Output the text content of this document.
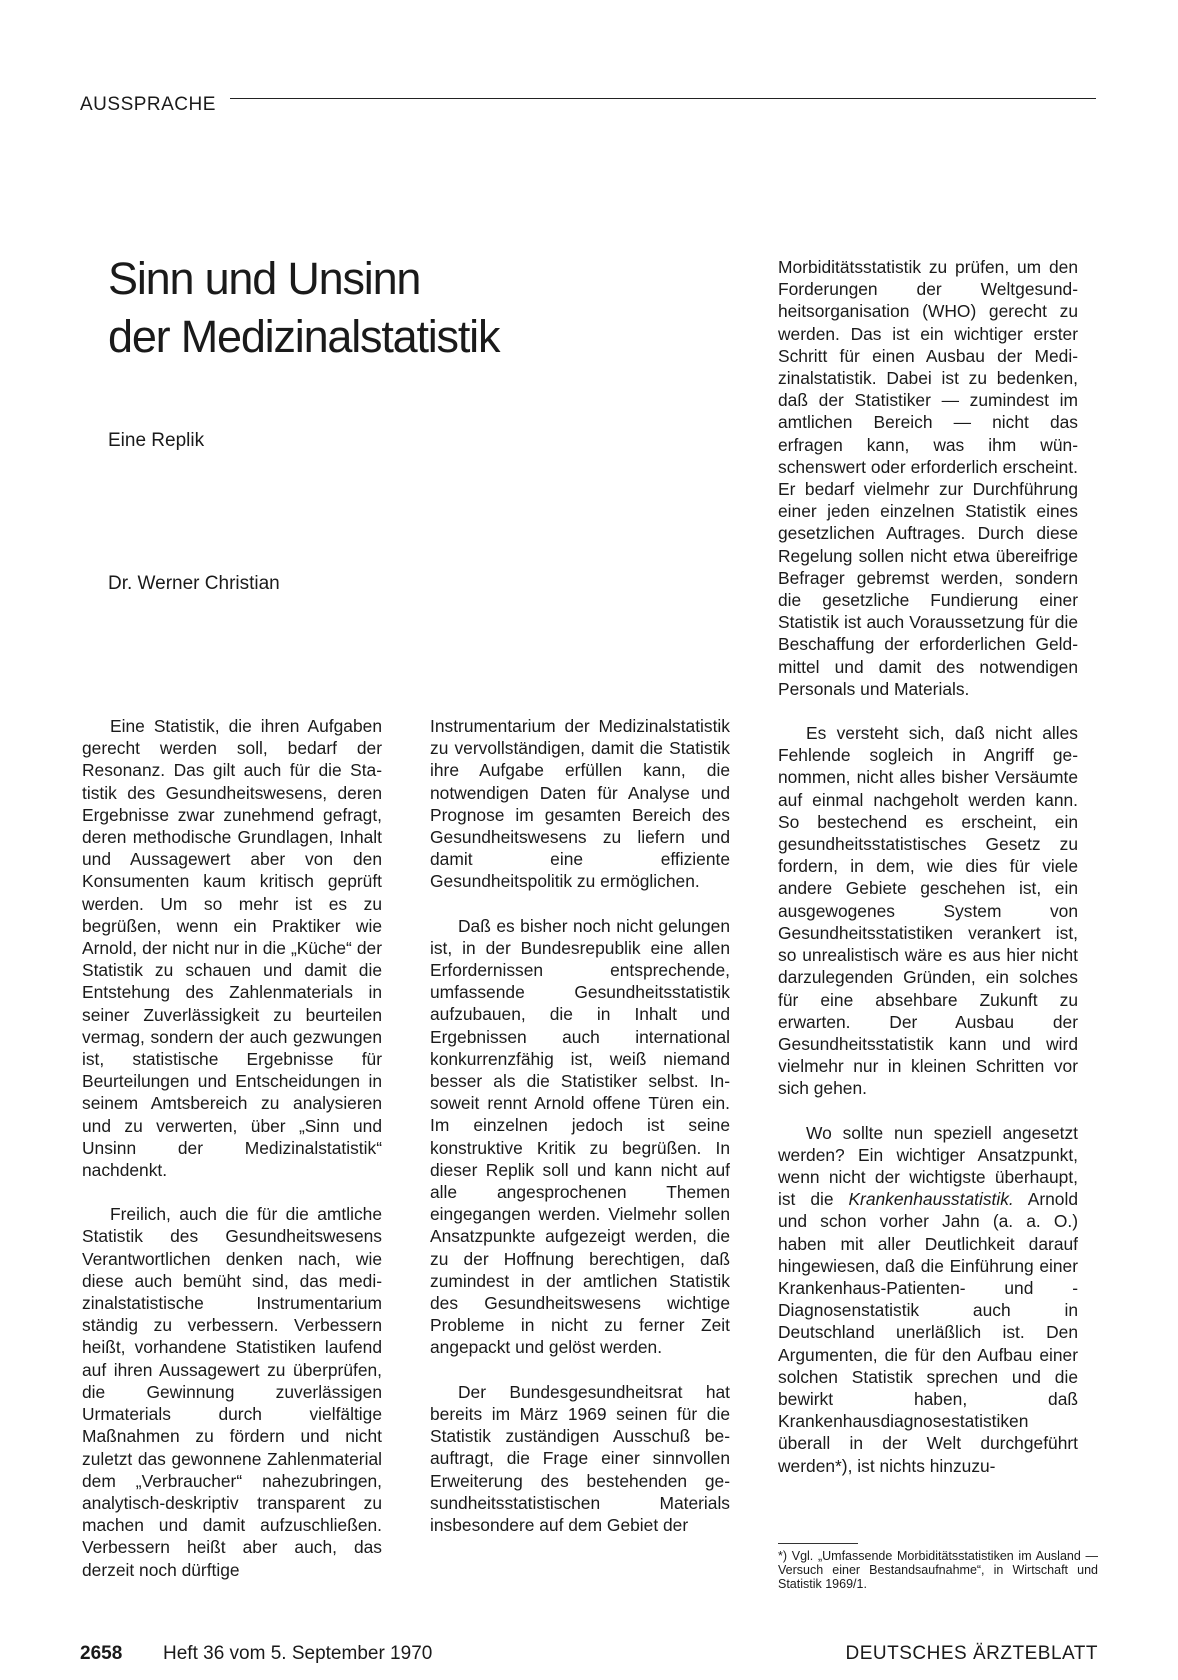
AUSSPRACHE
Sinn und Unsinn
der Medizinalstatistik
Eine Replik
Dr. Werner Christian

Eine Statistik, die ihren Aufgaben gerecht werden soll, bedarf der Resonanz. Das gilt auch für die Statistik des Gesundheitswesens, deren Ergebnisse zwar zunehmend gefragt, deren methodische Grundlagen, Inhalt und Aussagewert aber von den Konsumenten kaum kritisch geprüft werden. Um so mehr ist es zu begrüßen, wenn ein Praktiker wie Arnold, der nicht nur in die „Küche“ der Statistik zu schauen und damit die Entstehung des Zahlenmaterials in seiner Zuverlässigkeit zu beurteilen vermag, sondern der auch gezwungen ist, statistische Ergebnisse für Beurteilungen und Entscheidungen in seinem Amtsbereich zu analysieren und zu verwerten, über „Sinn und Unsinn der Medizinalstatistik“ nachdenkt.

Freilich, auch die für die amtliche Statistik des Gesundheitswesens Verantwortlichen denken nach, wie diese auch bemüht sind, das medizinalstatistische Instrumentarium ständig zu verbessern. Verbessern heißt, vorhandene Statistiken laufend auf ihren Aussagewert zu überprüfen, die Gewinnung zuverlässigen Urmaterials durch vielfältige Maßnahmen zu fördern und nicht zuletzt das gewonnene Zahlenmaterial dem „Verbraucher“ nahezubringen, analytisch-deskriptiv transparent zu machen und damit aufzuschließen. Verbessern heißt aber auch, das derzeit noch dürftige

Instrumentarium der Medizinalstatistik zu vervollständigen, damit die Statistik ihre Aufgabe erfüllen kann, die notwendigen Daten für Analyse und Prognose im gesamten Bereich des Gesundheitswesens zu liefern und damit eine effiziente Gesundheitspolitik zu ermöglichen.

Daß es bisher noch nicht gelungen ist, in der Bundesrepublik eine allen Erfordernissen entsprechende, umfassende Gesundheitsstatistik aufzubauen, die in Inhalt und Ergebnissen auch international konkurrenzfähig ist, weiß niemand besser als die Statistiker selbst. Insoweit rennt Arnold offene Türen ein. Im einzelnen jedoch ist seine konstruktive Kritik zu begrüßen. In dieser Replik soll und kann nicht auf alle angesprochenen Themen eingegangen werden. Vielmehr sollen Ansatzpunkte aufgezeigt werden, die zu der Hoffnung berechtigen, daß zumindest in der amtlichen Statistik des Gesundheitswesens wichtige Probleme in nicht zu ferner Zeit angepackt und gelöst werden.

Der Bundesgesundheitsrat hat bereits im März 1969 seinen für die Statistik zuständigen Ausschuß beauftragt, die Frage einer sinnvollen Erweiterung des bestehenden gesundheitsstatistischen Materials insbesondere auf dem Gebiet der

Morbiditätsstatistik zu prüfen, um den Forderungen der Weltgesundheitsorganisation (WHO) gerecht zu werden. Das ist ein wichtiger erster Schritt für einen Ausbau der Medizinalstatistik. Dabei ist zu bedenken, daß der Statistiker — zumindest im amtlichen Bereich — nicht das erfragen kann, was ihm wünschenswert oder erforderlich erscheint. Er bedarf vielmehr zur Durchführung einer jeden einzelnen Statistik eines gesetzlichen Auftrages. Durch diese Regelung sollen nicht etwa übereifrige Befrager gebremst werden, sondern die gesetzliche Fundierung einer Statistik ist auch Voraussetzung für die Beschaffung der erforderlichen Geldmittel und damit des notwendigen Personals und Materials.

Es versteht sich, daß nicht alles Fehlende sogleich in Angriff genommen, nicht alles bisher Versäumte auf einmal nachgeholt werden kann. So bestechend es erscheint, ein gesundheitsstatistisches Gesetz zu fordern, in dem, wie dies für viele andere Gebiete geschehen ist, ein ausgewogenes System von Gesundheitsstatistiken verankert ist, so unrealistisch wäre es aus hier nicht darzulegenden Gründen, ein solches für eine absehbare Zukunft zu erwarten. Der Ausbau der Gesundheitsstatistik kann und wird vielmehr nur in kleinen Schritten vor sich gehen.

Wo sollte nun speziell angesetzt werden? Ein wichtiger Ansatzpunkt, wenn nicht der wichtigste überhaupt, ist die Krankenhausstatistik. Arnold und schon vorher Jahn (a. a. O.) haben mit aller Deutlichkeit darauf hingewiesen, daß die Einführung einer Krankenhaus-Patienten- und -Diagnosenstatistik auch in Deutschland unerläßlich ist. Den Argumenten, die für den Aufbau einer solchen Statistik sprechen und die bewirkt haben, daß Krankenhausdiagnosestatistiken überall in der Welt durchgeführt werden*), ist nichts hinzuzu-

*) Vgl. „Umfassende Morbiditätsstatistiken im Ausland — Versuch einer Bestandsaufnahme“, in Wirtschaft und Statistik 1969/1.
2658 Heft 36 vom 5. September 1970	DEUTSCHES ÄRZTEBLATT
